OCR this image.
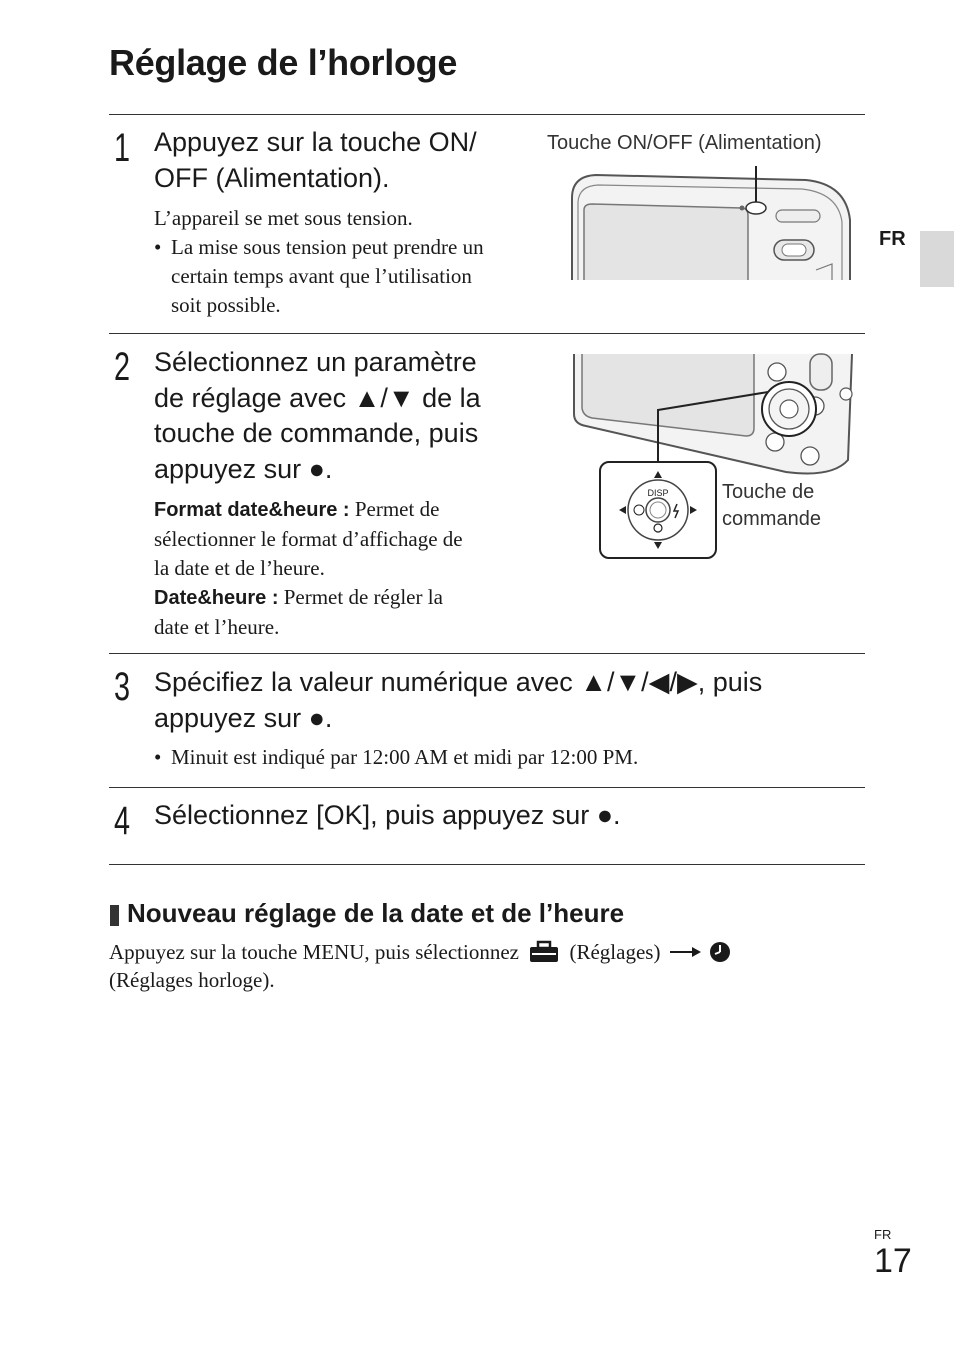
Réglage de l’horloge
FR
1 Appuyez sur la touche ON/
OFF (Alimentation).
L’appareil se met sous tension.
• La mise sous tension peut prendre un
certain temps avant que l’utilisation
soit possible.
Touche ON/OFF (Alimentation)
2 Sélectionnez un paramètre
de réglage avec ▲/▼ de la
touche de commande, puis
appuyez sur ●.
Format date&heure : Permet de
sélectionner le format d’affichage de
la date et de l’heure.
Date&heure : Permet de régler la
date et l’heure.
DISP	Touche de
commande
3 Spécifiez la valeur numérique avec ▲/▼/◀/▶, puis
appuyez sur ●.
• Minuit est indiqué par 12:00 AM et midi par 12:00 PM.
4 Sélectionnez [OK], puis appuyez sur ●.
Nouveau réglage de la date et de l’heure
Appuyez sur la touche MENU, puis sélectionnez (Réglages)
(Réglages horloge).
FR
17
